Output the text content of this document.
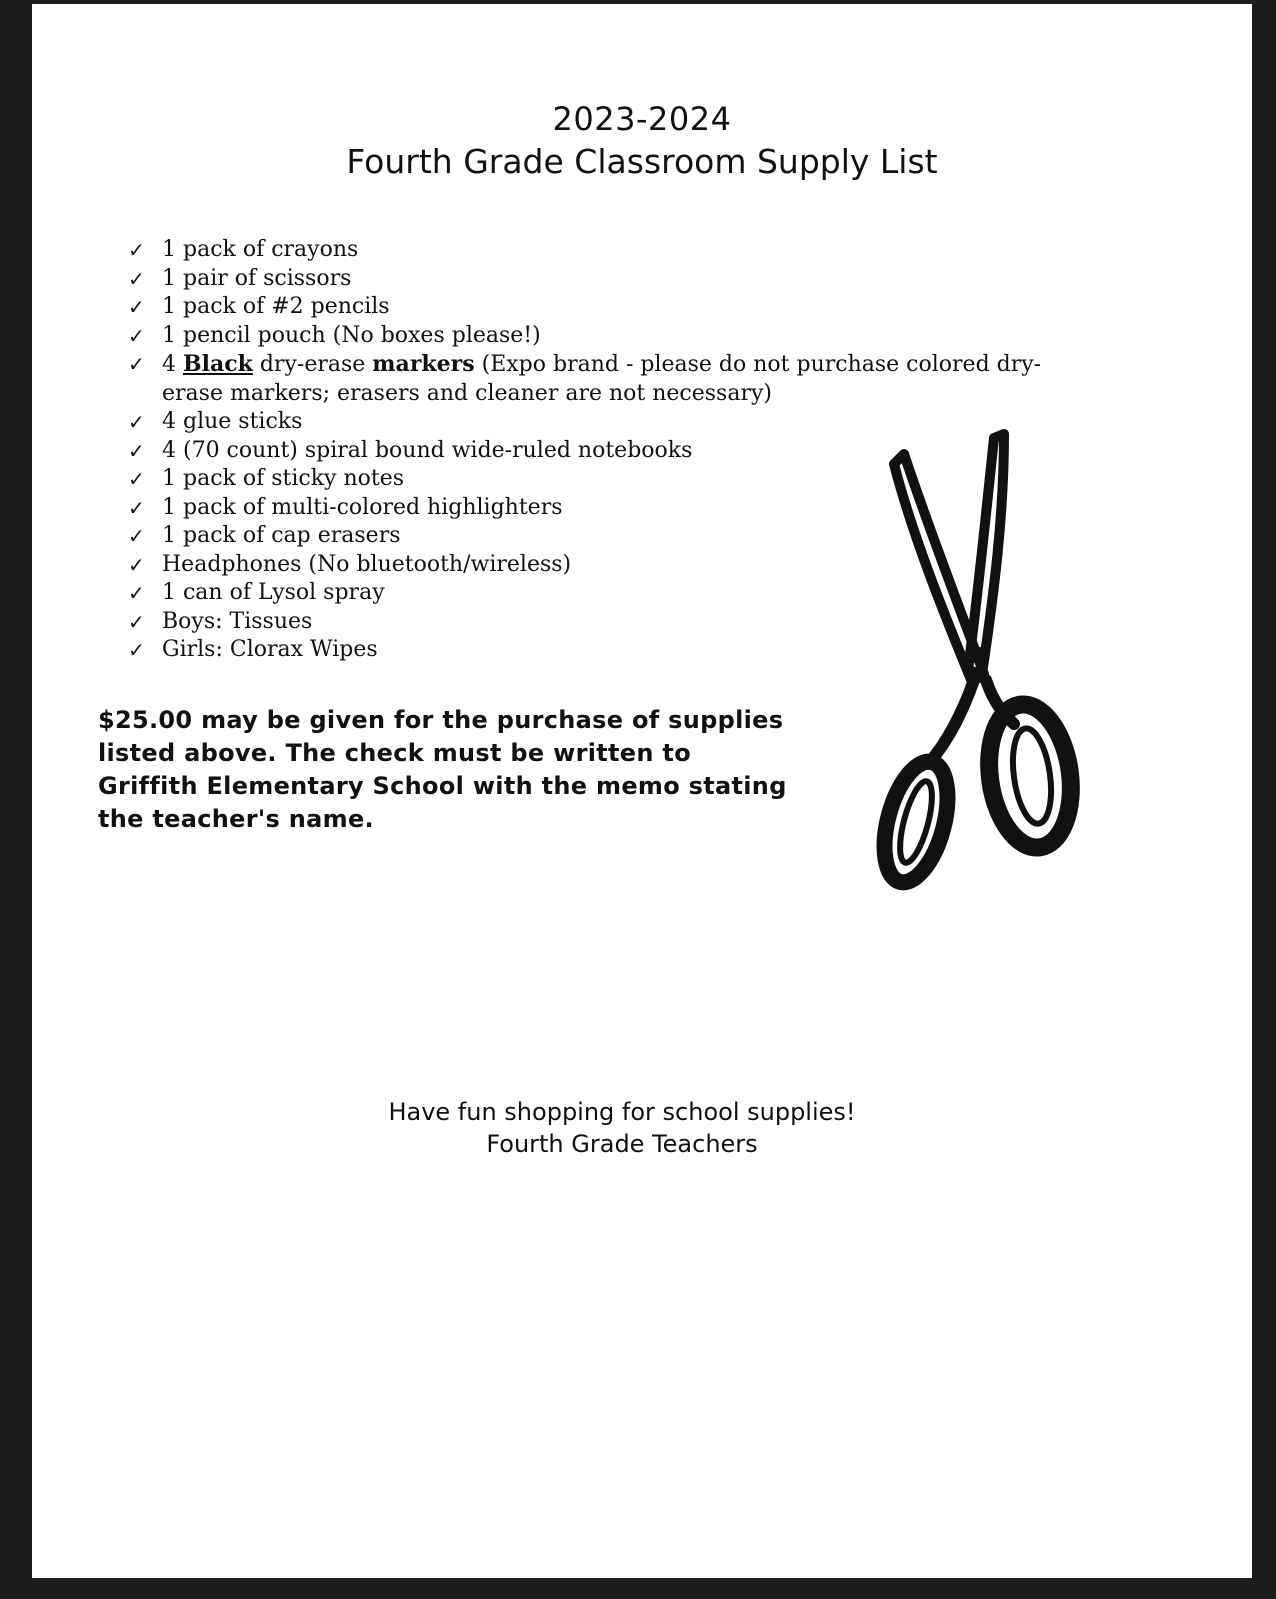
2023-2024
Fourth Grade Classroom Supply List
✓ 1 pack of crayons
✓ 1 pair of scissors
✓ 1 pack of #2 pencils
✓ 1 pencil pouch (No boxes please!)
✓ 4 Black dry-erase markers (Expo brand - please do not purchase colored dry-erase markers; erasers and cleaner are not necessary)
✓ 4 glue sticks
✓ 4 (70 count) spiral bound wide-ruled notebooks
✓ 1 pack of sticky notes
✓ 1 pack of multi-colored highlighters
✓ 1 pack of cap erasers
✓ Headphones (No bluetooth/wireless)
✓ 1 can of Lysol spray
✓ Boys: Tissues
✓ Girls: Clorax Wipes
$25.00 may be given for the purchase of supplies listed above. The check must be written to Griffith Elementary School with the memo stating the teacher's name.
Have fun shopping for school supplies!
Fourth Grade Teachers
